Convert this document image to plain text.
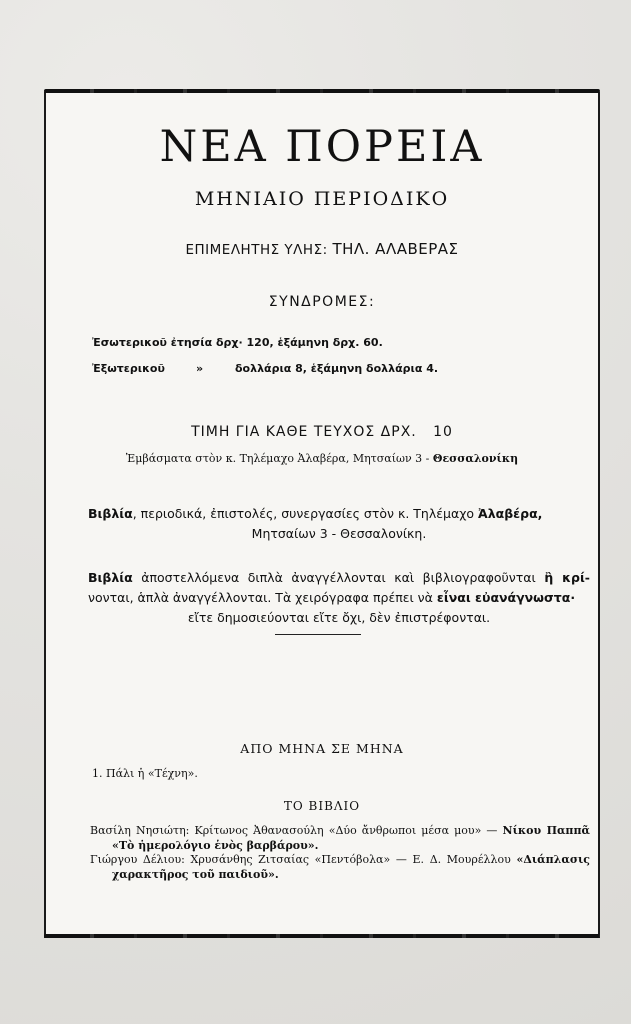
ΝΕΑ ΠΟΡΕΙΑ
ΜΗΝΙΑΙΟ ΠΕΡΙΟΔΙΚΟ
ΕΠΙΜΕΛΗΤΗΣ ΥΛΗΣ: ΤΗΛ. ΑΛΑΒΕΡΑΣ
ΣΥΝΔΡΟΜΕΣ:
Ἐσωτερικοῦ ἐτησία δρχ· 120, ἑξάμηνη δρχ. 60.
Ἐξωτερικοῦ	»	δολλάρια 8, ἑξάμηνη δολλάρια 4.
ΤΙΜΗ ΓΙΑ ΚΑΘΕ ΤΕΥΧΟΣ ΔΡΧ.   10
Ἐμβάσματα στὸν κ. Τηλέμαχο Ἀλαβέρα, Μητσαίων 3 - Θεσσαλονίκη
Βιβλία, περιοδικά, ἐπιστολές, συνεργασίες στὸν κ. Τηλέμαχο Ἀλαβέρα,
Μητσαίων 3 - Θεσσαλονίκη.
Βιβλία ἀποστελλόμενα διπλὰ ἀναγγέλλονται καὶ βιβλιογραφοῦνται ἢ κρί- νονται, ἁπλὰ ἀναγγέλλονται. Τὰ χειρόγραφα πρέπει νὰ εἶναι εὐανάγνωστα·
εἴτε δημοσιεύονται εἴτε ὄχι, δὲν ἐπιστρέφονται.
ΑΠΟ ΜΗΝΑ ΣΕ ΜΗΝΑ
1. Πάλι ἡ «Τέχνη».
ΤΟ ΒΙΒΛΙΟ
Βασίλη Νησιώτη: Κρίτωνος Ἀθανασούλη «Δύο ἄνθρωποι μέσα μου» — Νίκου Παππᾶ «Τὸ ἡμερολόγιο ἑνὸς βαρβάρου».
Γιώργου Δέλιου: Χρυσάνθης Ζιτσαίας «Πεντόβολα» — Ε. Δ. Μουρέλλου «Διάπλασις χαρακτῆρος τοῦ παιδιοῦ».
